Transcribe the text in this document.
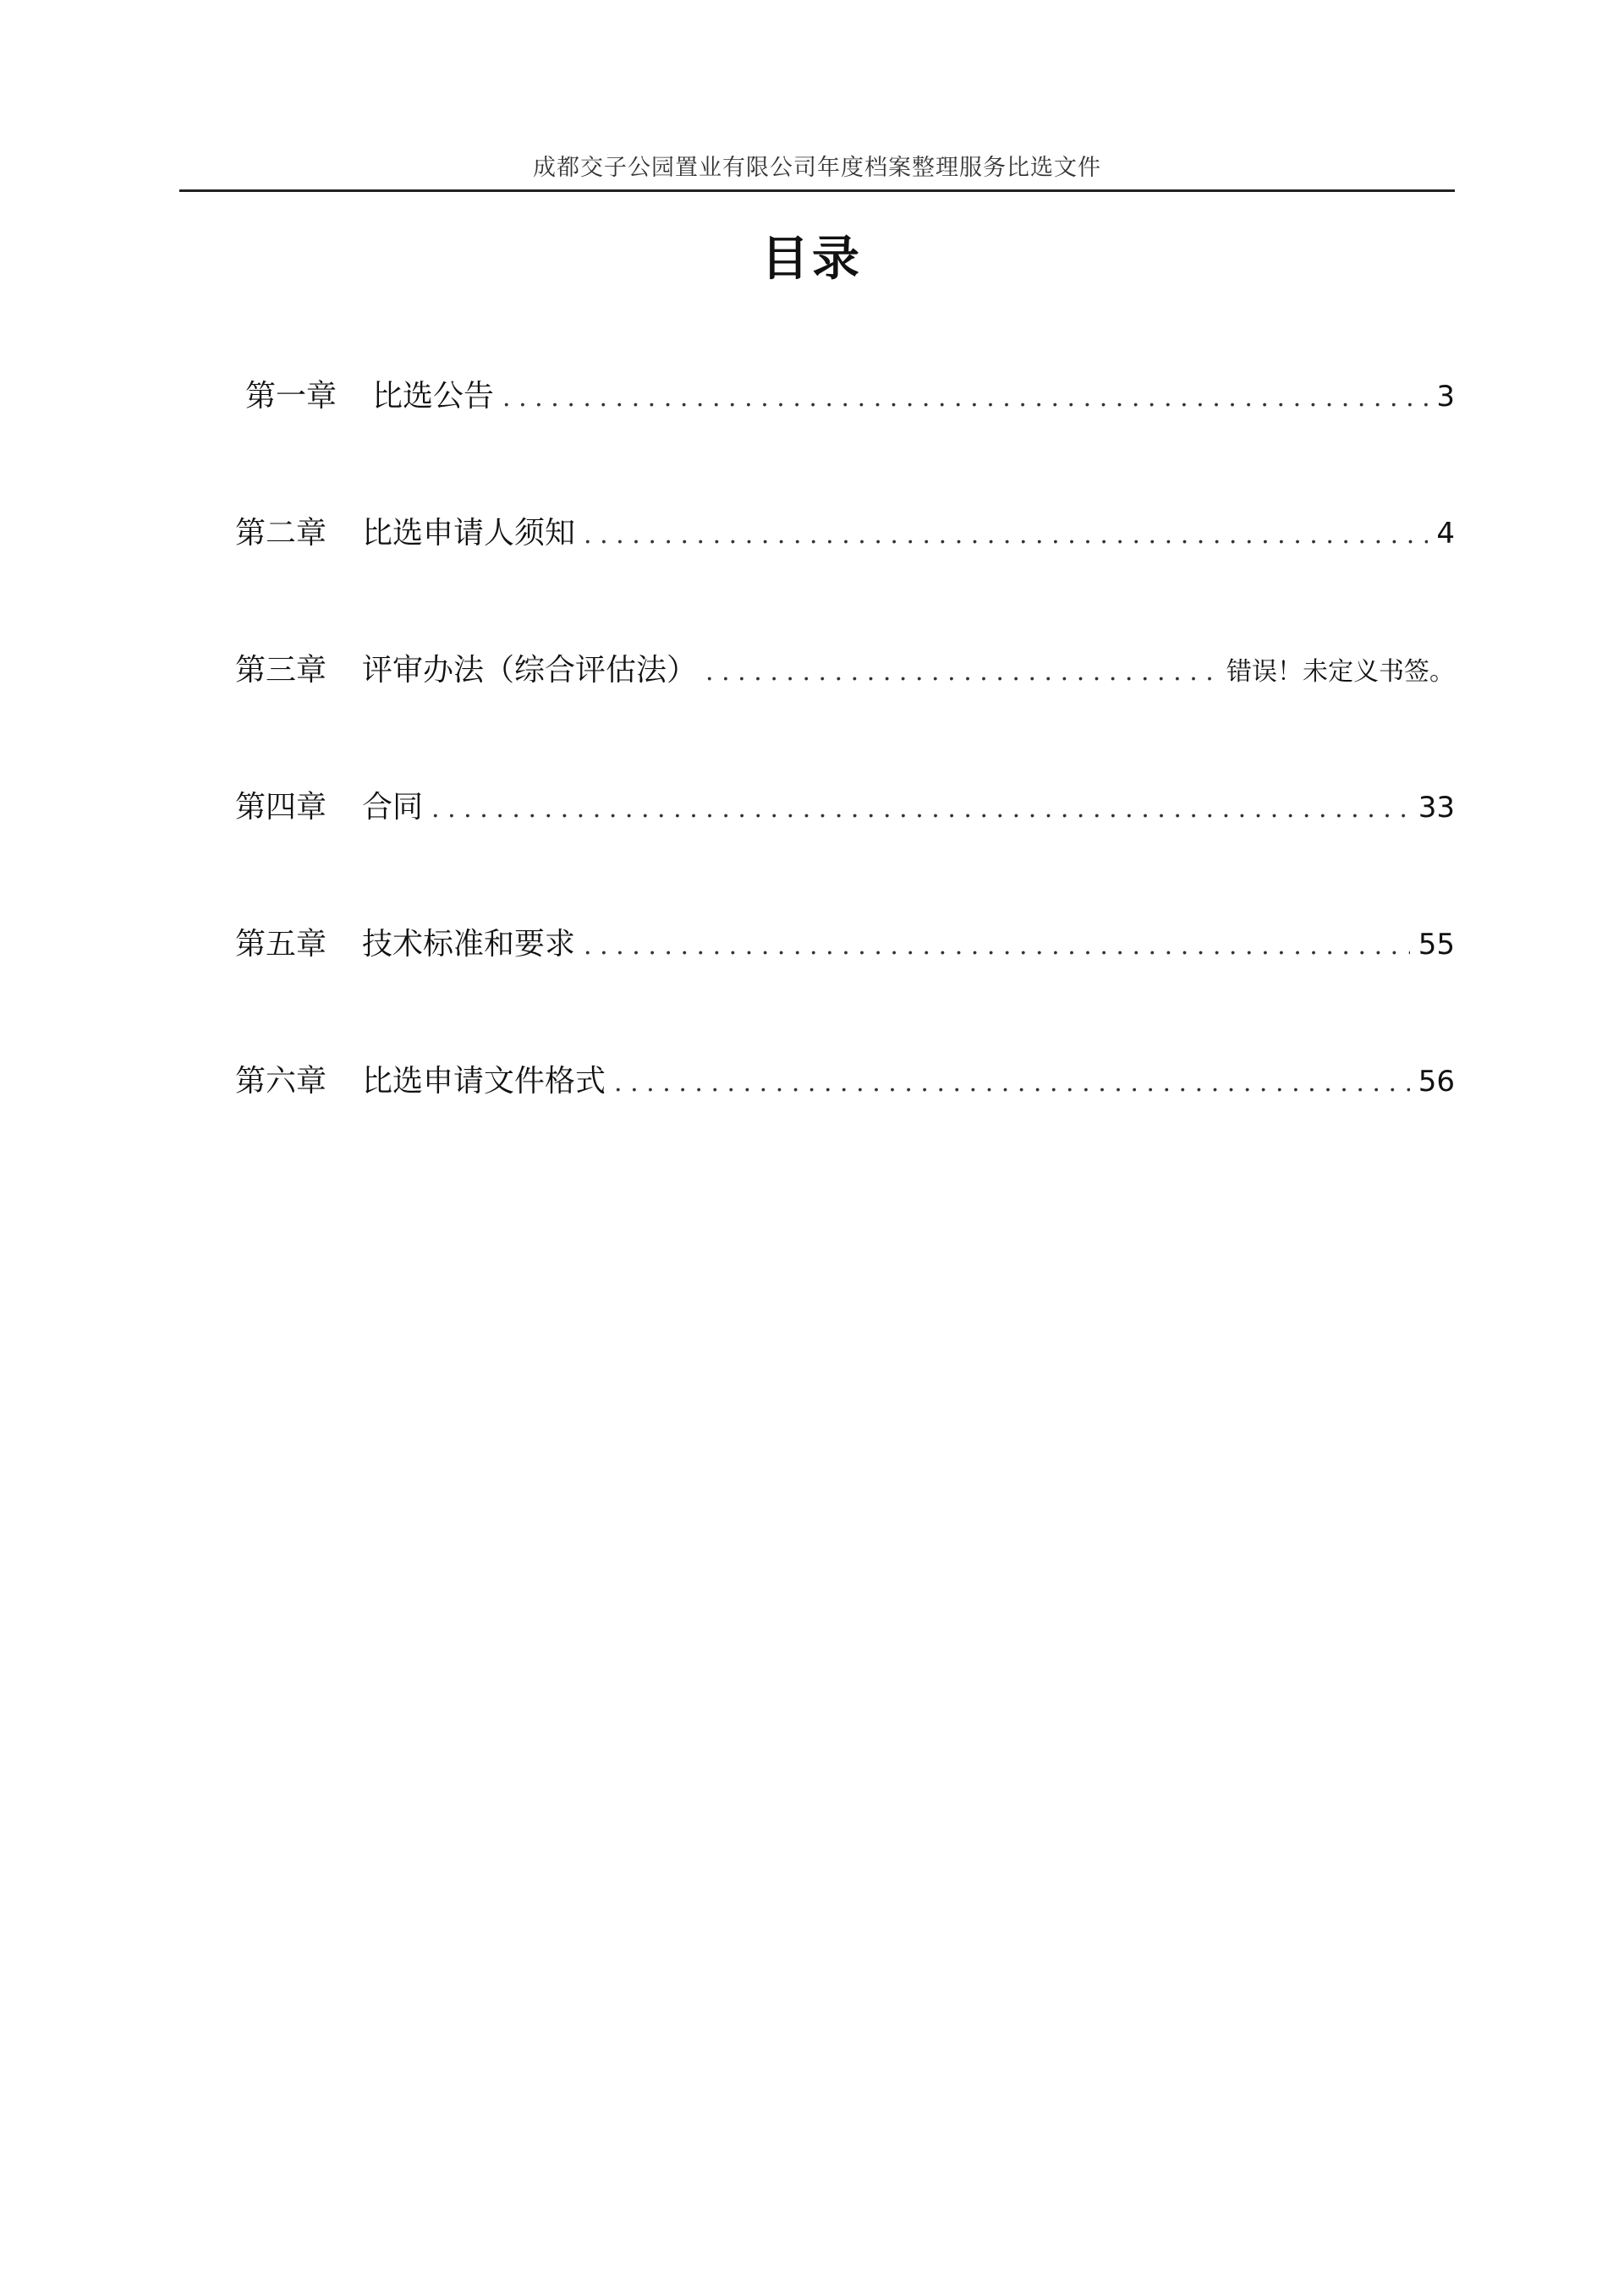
成都交子公园置业有限公司年度档案整理服务比选文件
目录
第一章 比选公告 . . .	3
第二章 比选申请人须知 . . .	4
第三章 评审办法（综合评估法） . . .	错误！未定义书签。
第四章 合同 . . .	33
第五章 技术标准和要求 . . .	55
第六章 比选申请文件格式 . . .	56
